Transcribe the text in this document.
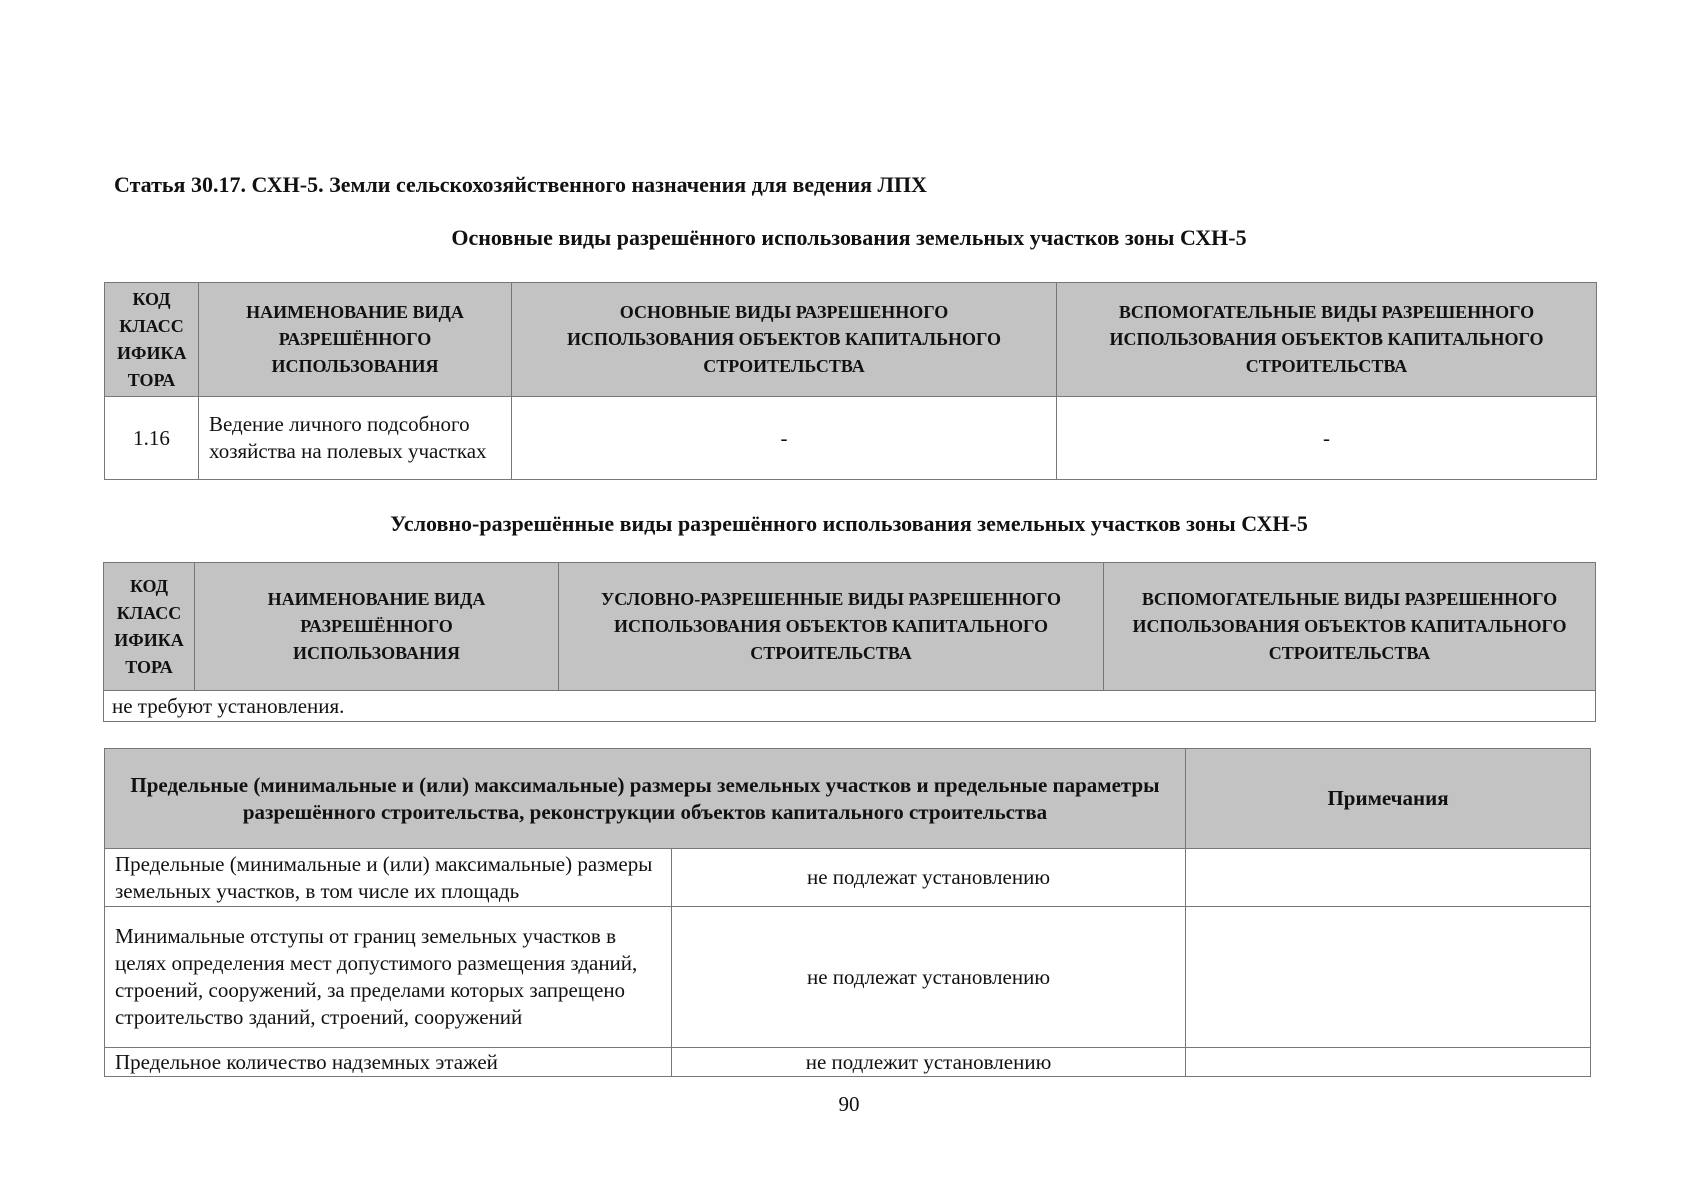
Статья 30.17. СХН-5. Земли сельскохозяйственного назначения для ведения ЛПХ
Основные виды разрешённого использования земельных участков зоны СХН-5
КОД КЛАСС ИФИКА ТОРА	НАИМЕНОВАНИЕ ВИДА РАЗРЕШЁННОГО ИСПОЛЬЗОВАНИЯ	ОСНОВНЫЕ ВИДЫ РАЗРЕШЕННОГО ИСПОЛЬЗОВАНИЯ ОБЪЕКТОВ КАПИТАЛЬНОГО СТРОИТЕЛЬСТВА	ВСПОМОГАТЕЛЬНЫЕ ВИДЫ РАЗРЕШЕННОГО ИСПОЛЬЗОВАНИЯ ОБЪЕКТОВ КАПИТАЛЬНОГО СТРОИТЕЛЬСТВА
1.16	Ведение личного подсобного хозяйства на полевых участках	-	-
Условно-разрешённые виды разрешённого использования земельных участков зоны СХН-5
КОД КЛАСС ИФИКА ТОРА	НАИМЕНОВАНИЕ ВИДА РАЗРЕШЁННОГО ИСПОЛЬЗОВАНИЯ	УСЛОВНО-РАЗРЕШЕННЫЕ ВИДЫ РАЗРЕШЕННОГО ИСПОЛЬЗОВАНИЯ ОБЪЕКТОВ КАПИТАЛЬНОГО СТРОИТЕЛЬСТВА	ВСПОМОГАТЕЛЬНЫЕ ВИДЫ РАЗРЕШЕННОГО ИСПОЛЬЗОВАНИЯ ОБЪЕКТОВ КАПИТАЛЬНОГО СТРОИТЕЛЬСТВА
не требуют установления.
Предельные (минимальные и (или) максимальные) размеры земельных участков и предельные параметры разрешённого строительства, реконструкции объектов капитального строительства		Примечания
Предельные (минимальные и (или) максимальные) размеры земельных участков, в том числе их площадь	не подлежат установлению	
Минимальные отступы от границ земельных участков в целях определения мест допустимого размещения зданий, строений, сооружений, за пределами которых запрещено строительство зданий, строений, сооружений	не подлежат установлению	
Предельное количество надземных этажей	не подлежит установлению	
90
